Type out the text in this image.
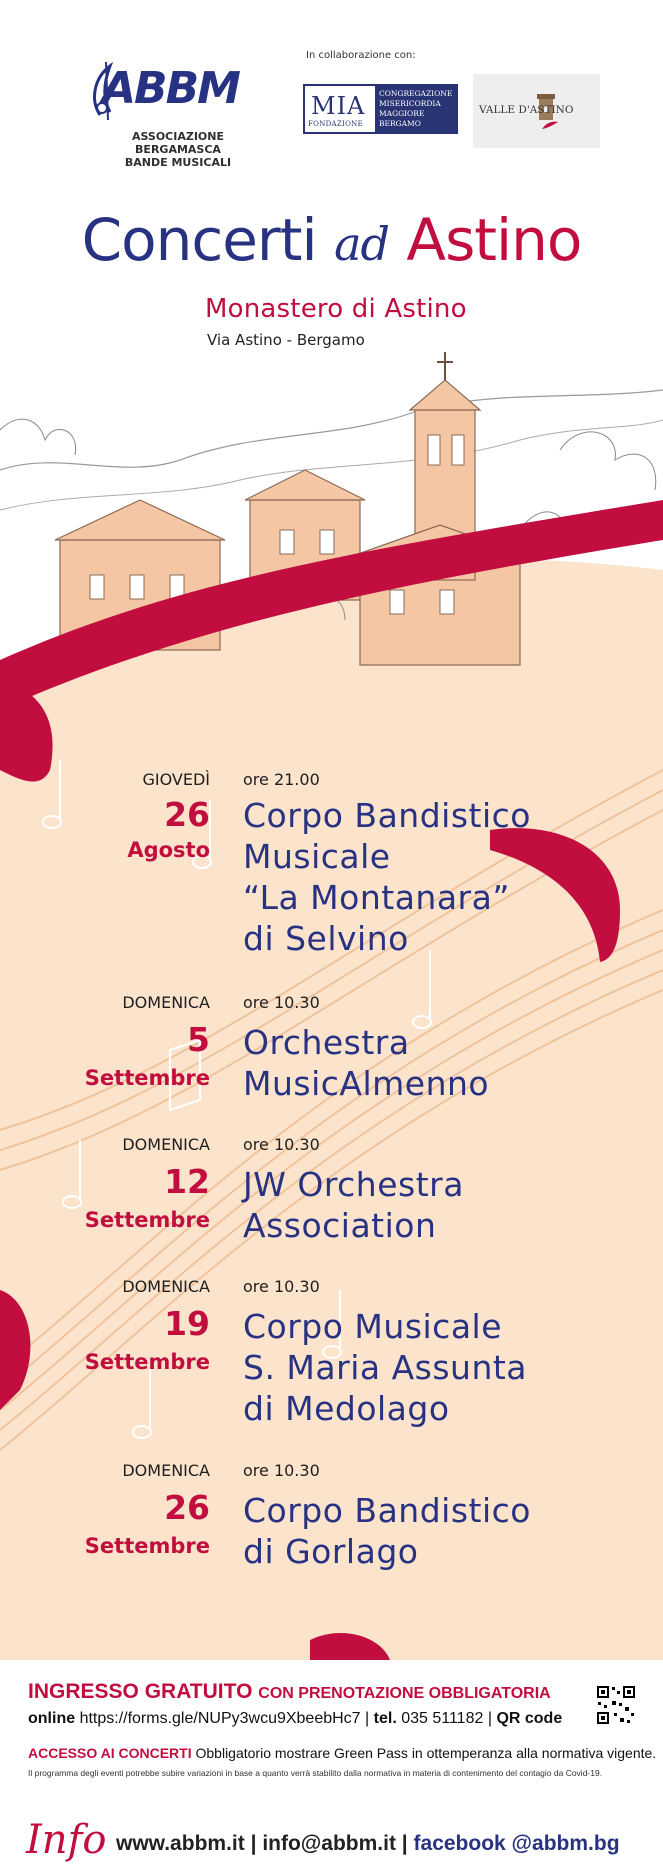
ABBM
ASSOCIAZIONE BERGAMASCA
BANDE MUSICALI
In collaborazione con:
MIA
FONDAZIONE
CONGREGAZIONE
MISERICORDIA
MAGGIORE
BERGAMO
VALLE D'ASTINO
Concerti ad Astino
Monastero di Astino
Via Astino - Bergamo
GIOVEDÌ ore 21.00
26
Agosto
Corpo Bandistico
Musicale
“La Montanara”
di Selvino
DOMENICA ore 10.30
5
Settembre
Orchestra
MusicAlmenno
DOMENICA ore 10.30
12
Settembre
JW Orchestra
Association
DOMENICA ore 10.30
19
Settembre
Corpo Musicale
S. Maria Assunta
di Medolago
DOMENICA ore 10.30
26
Settembre
Corpo Bandistico
di Gorlago
INGRESSO GRATUITO CON PRENOTAZIONE OBBLIGATORIA
online https://forms.gle/NUPy3wcu9XbeebHc7 | tel. 035 511182 | QR code
ACCESSO AI CONCERTI Obbligatorio mostrare Green Pass in ottemperanza alla normativa vigente.
Il programma degli eventi potrebbe subire variazioni in base a quanto verrà stabilito dalla normativa in materia di contenimento del contagio da Covid-19.
Info www.abbm.it | info@abbm.it | facebook @abbm.bg
